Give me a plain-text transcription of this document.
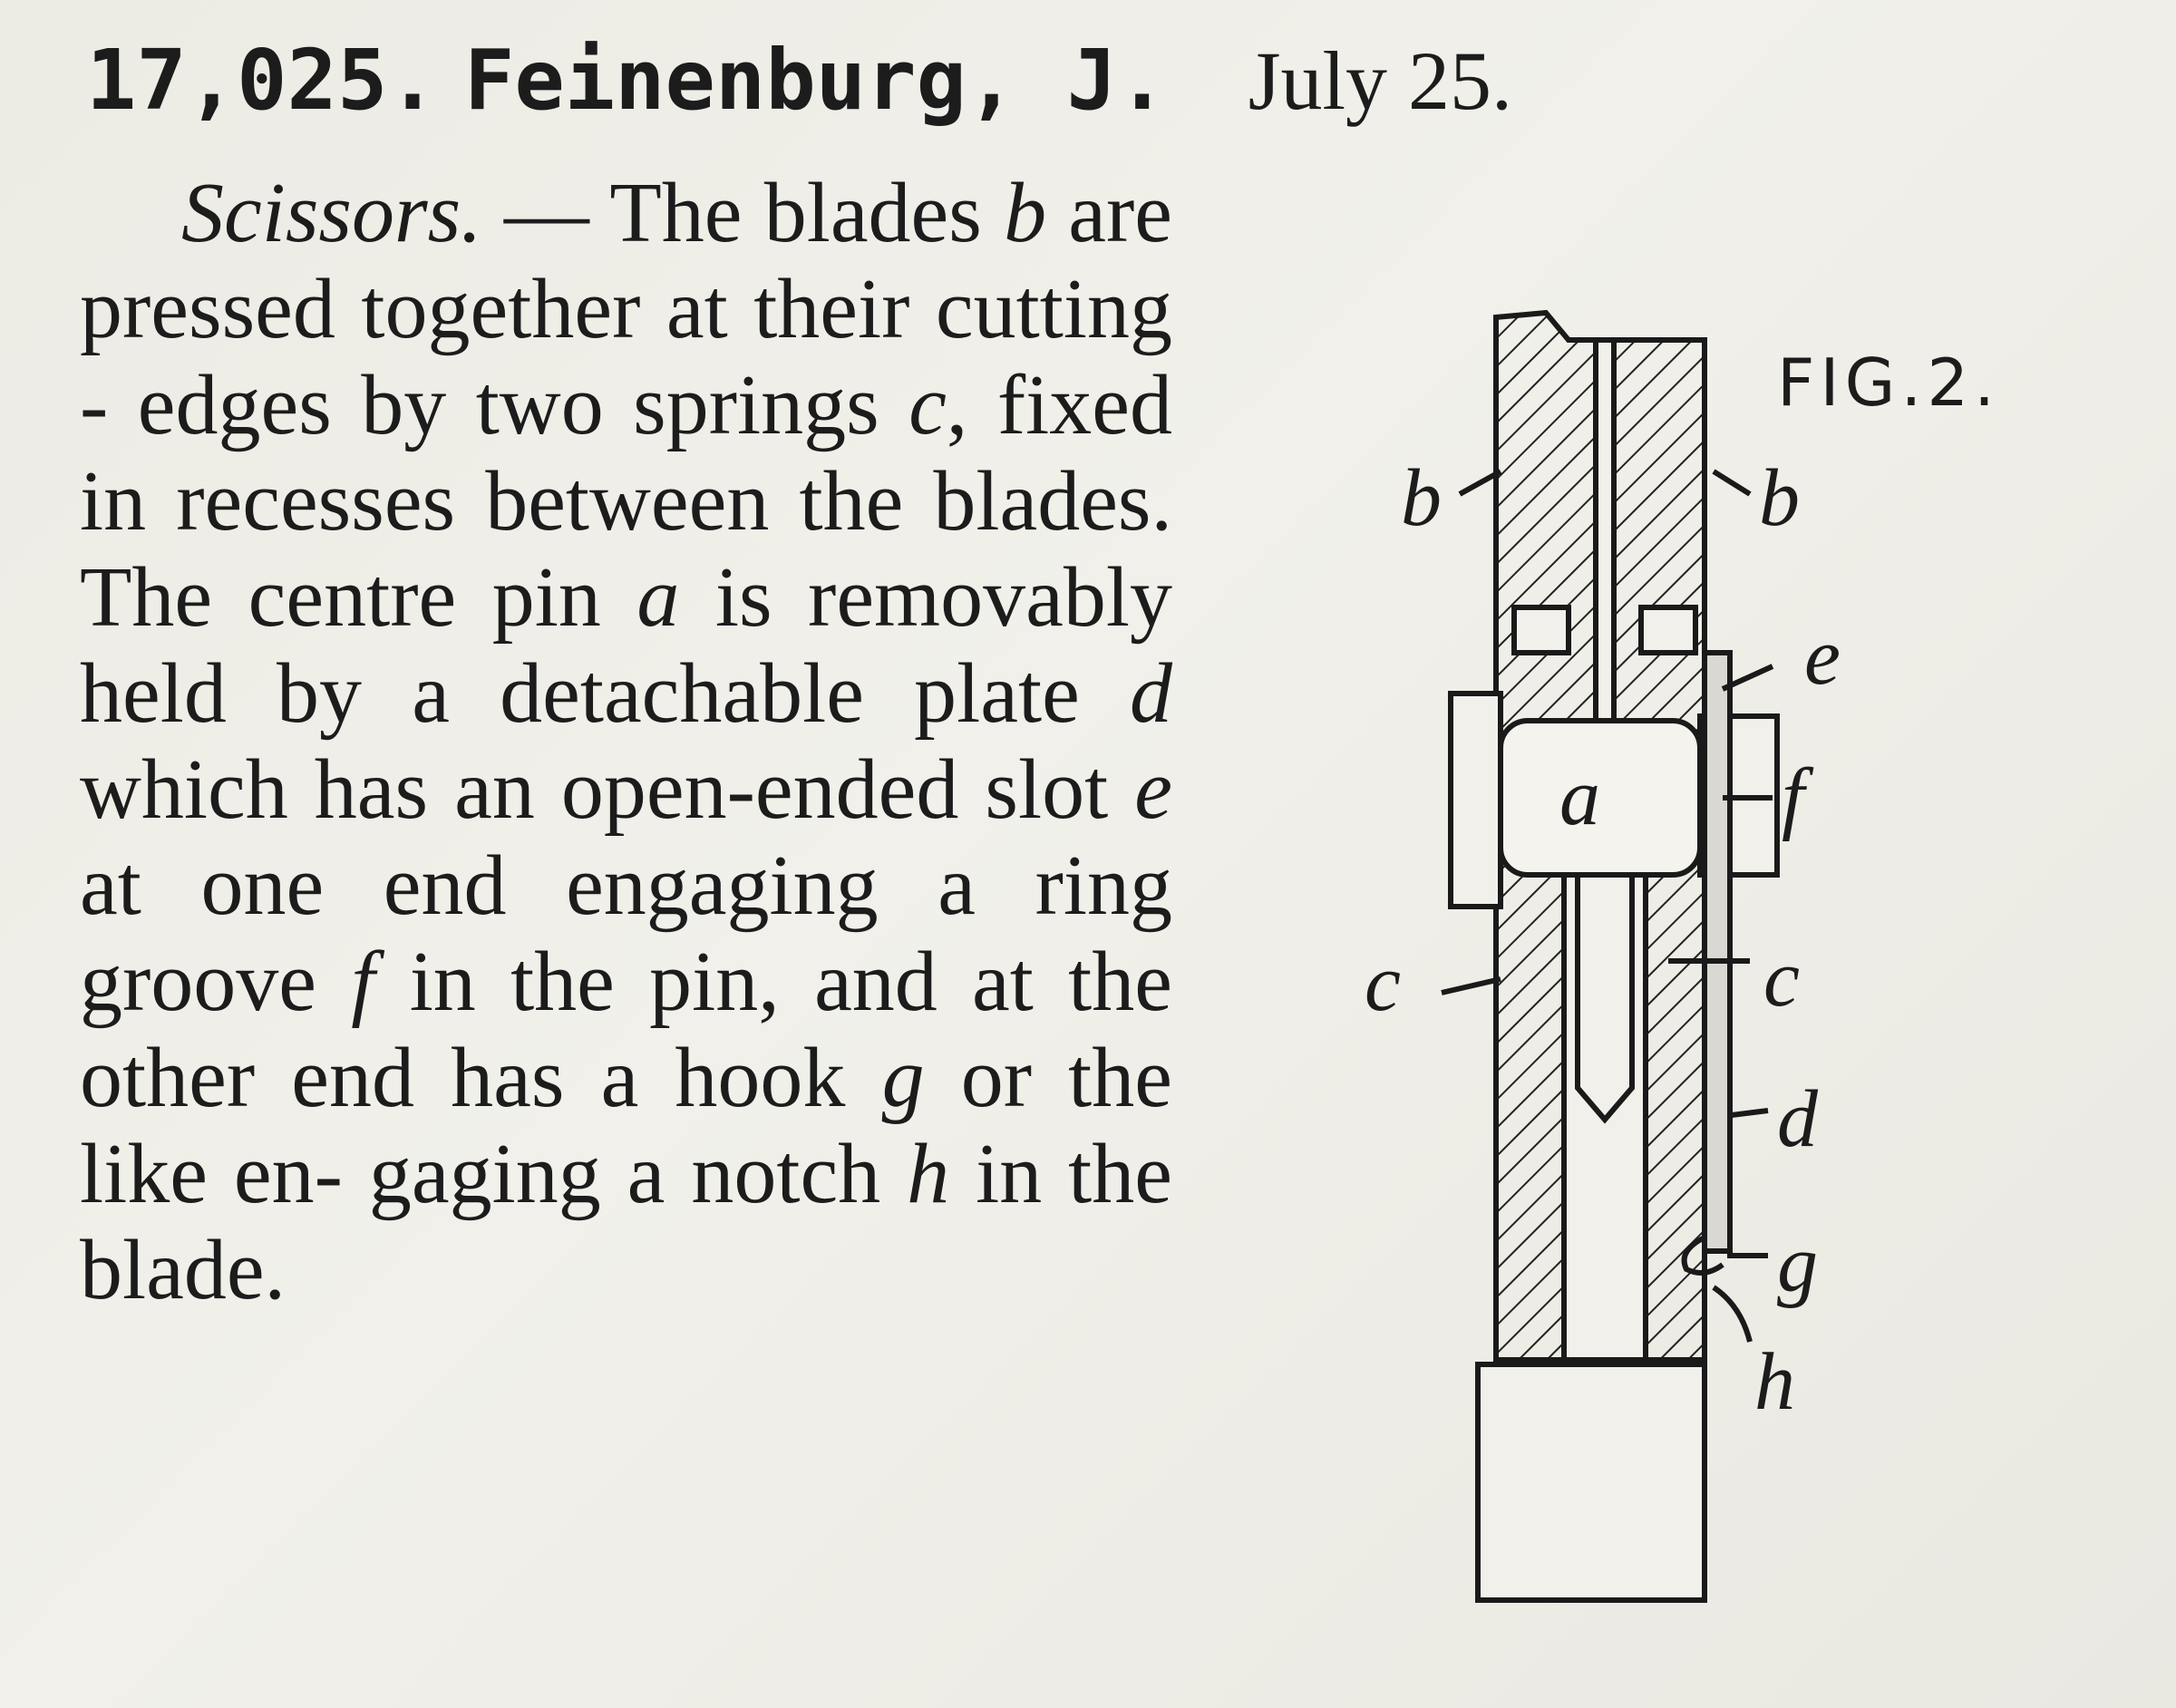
17,025. Feinenburg, J. July 25.
Scissors. — The blades b are pressed together at their cutting - edges by two springs c, fixed in recesses between the blades. The centre pin a is removably held by a detachable plate d which has an open-ended slot e at one end engaging a ring groove f in the pin, and at the other end has a hook g or the like en- gaging a notch h in the blade.
FIG.2.
b	b
e
a f
c	c
d
g
h
